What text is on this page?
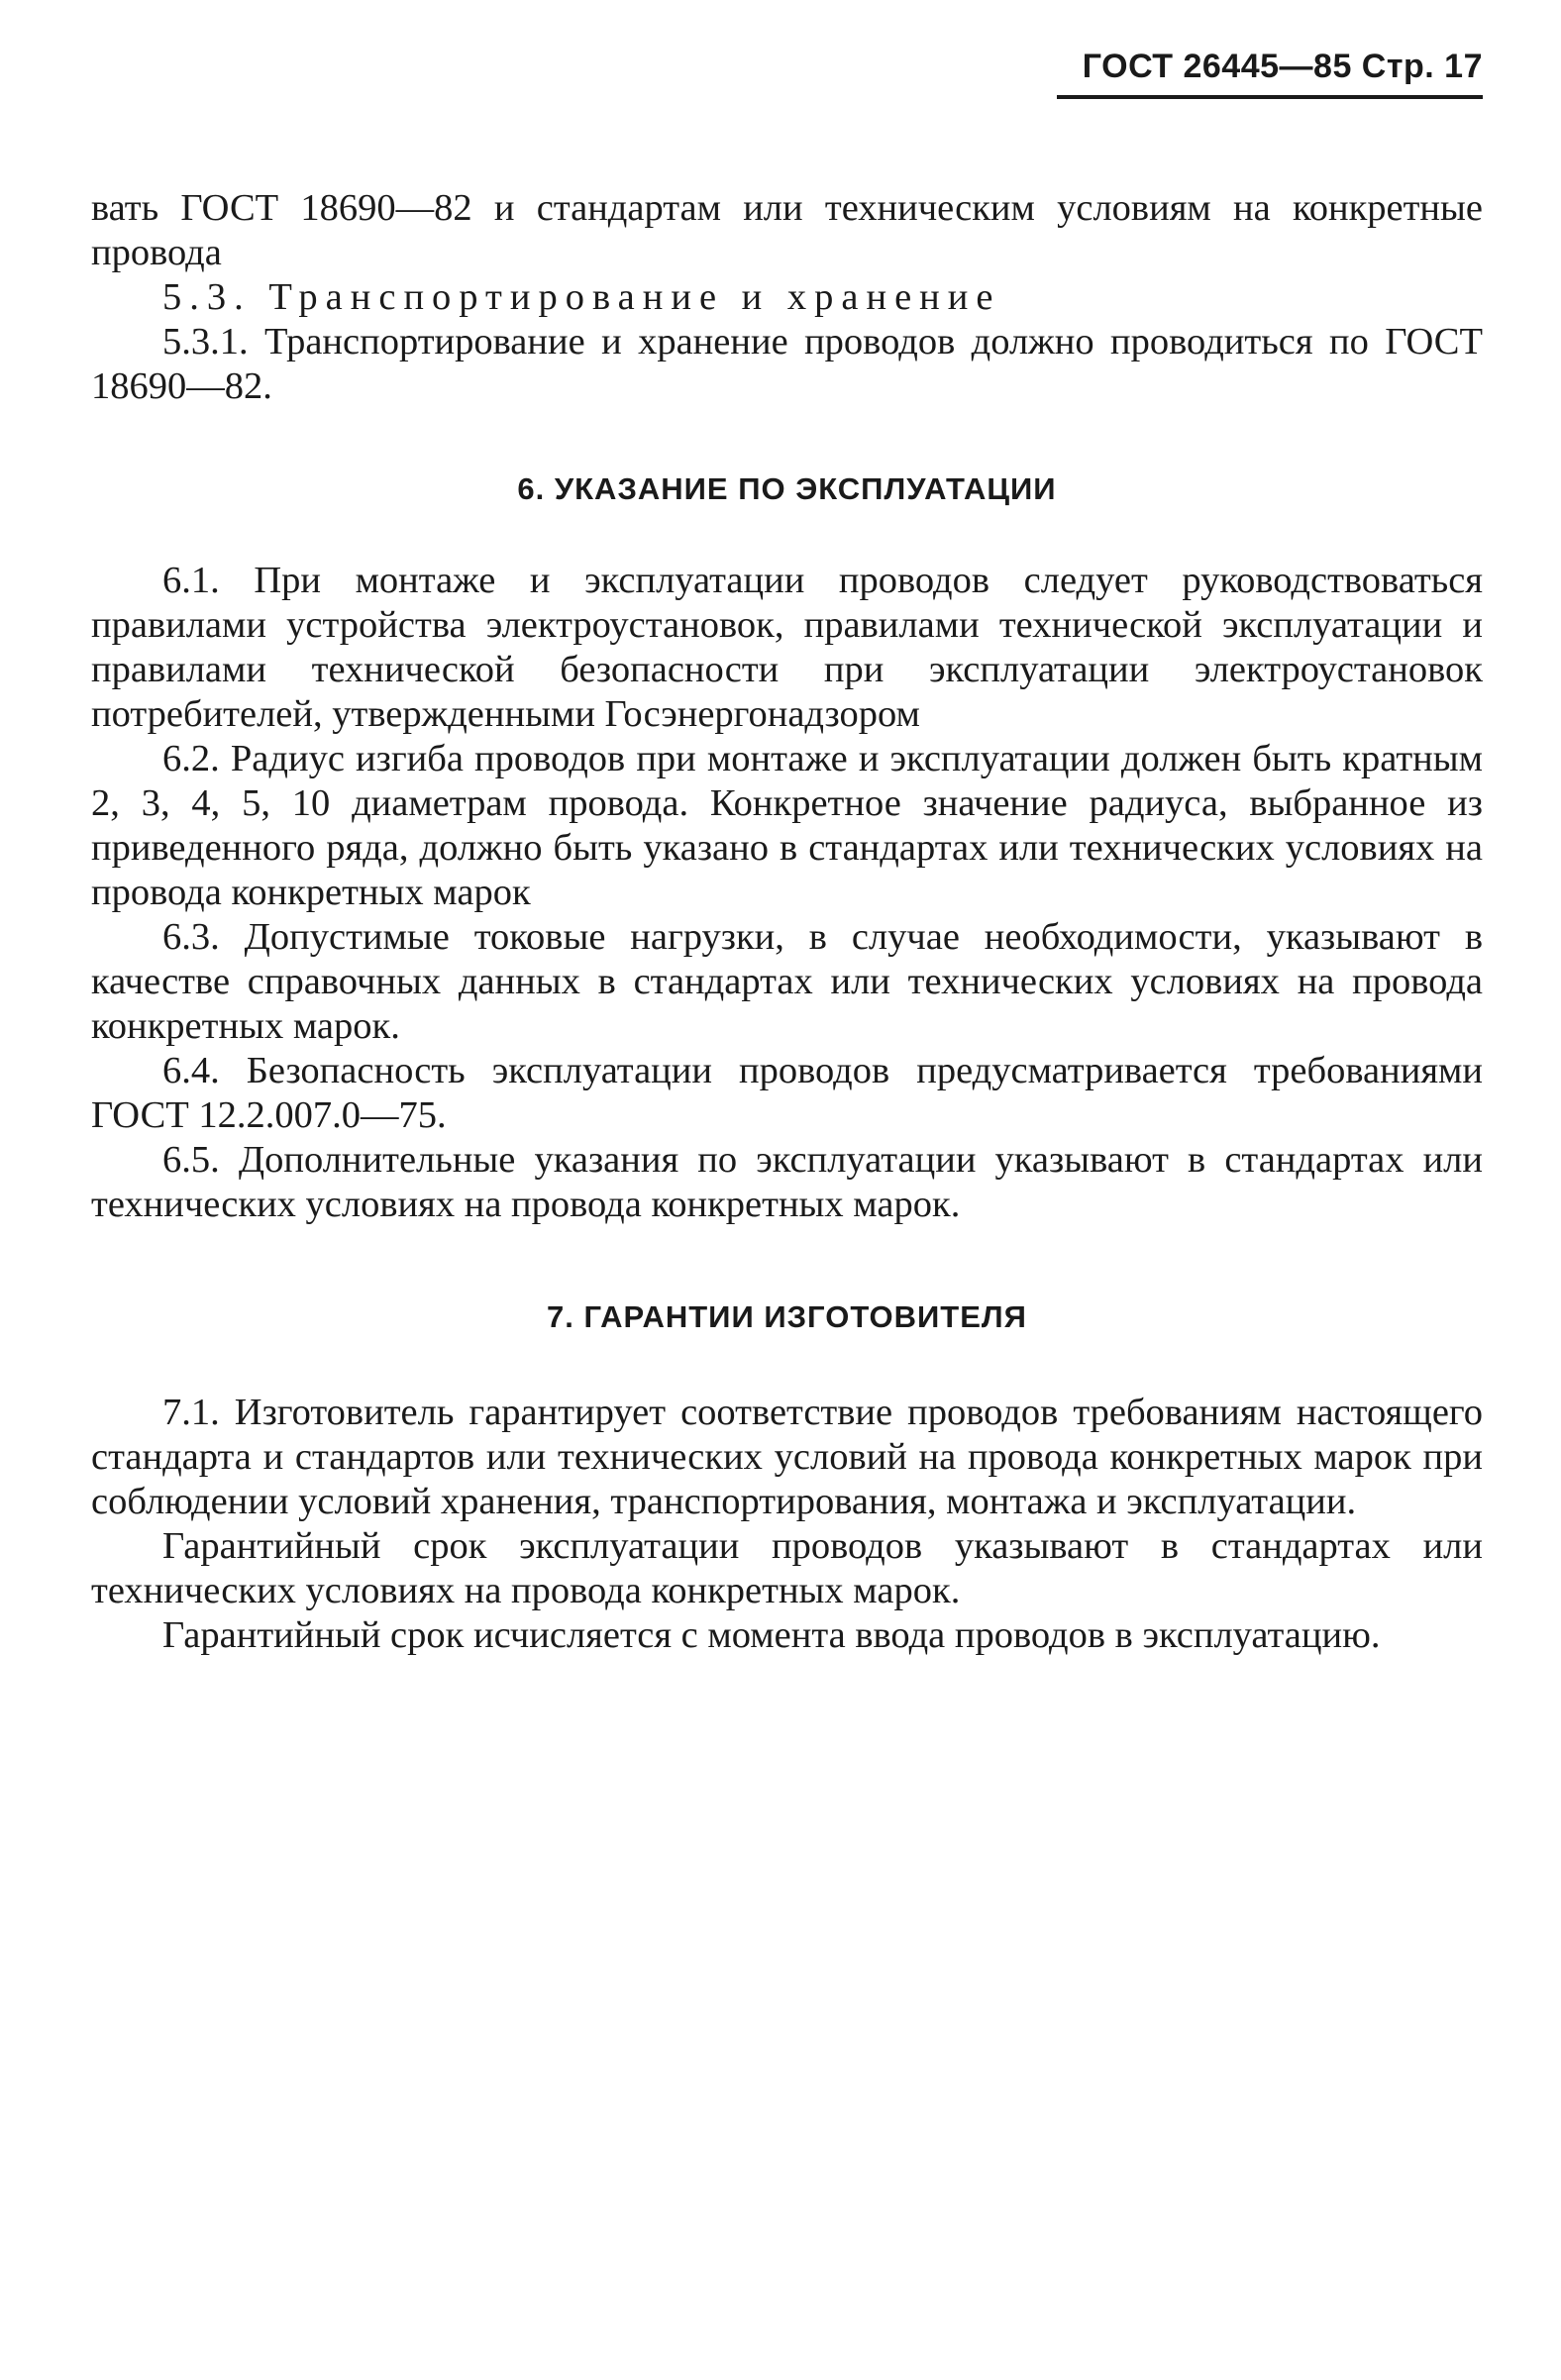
ГОСТ 26445—85 Стр. 17

вать ГОСТ 18690—82 и стандартам или техническим условиям на конкретные провода

5.3. Транспортирование и хранение

5.3.1. Транспортирование и хранение проводов должно проводиться по ГОСТ 18690—82.

6. УКАЗАНИЕ ПО ЭКСПЛУАТАЦИИ

6.1. При монтаже и эксплуатации проводов следует руководствоваться правилами устройства электроустановок, правилами технической эксплуатации и правилами технической безопасности при эксплуатации электроустановок потребителей, утвержденными Госэнергонадзором

6.2. Радиус изгиба проводов при монтаже и эксплуатации должен быть кратным 2, 3, 4, 5, 10 диаметрам провода. Конкретное значение радиуса, выбранное из приведенного ряда, должно быть указано в стандартах или технических условиях на провода конкретных марок

6.3. Допустимые токовые нагрузки, в случае необходимости, указывают в качестве справочных данных в стандартах или технических условиях на провода конкретных марок.

6.4. Безопасность эксплуатации проводов предусматривается требованиями ГОСТ 12.2.007.0—75.

6.5. Дополнительные указания по эксплуатации указывают в стандартах или технических условиях на провода конкретных марок.

7. ГАРАНТИИ ИЗГОТОВИТЕЛЯ

7.1. Изготовитель гарантирует соответствие проводов требованиям настоящего стандарта и стандартов или технических условий на провода конкретных марок при соблюдении условий хранения, транспортирования, монтажа и эксплуатации.

Гарантийный срок эксплуатации проводов указывают в стандартах или технических условиях на провода конкретных марок.

Гарантийный срок исчисляется с момента ввода проводов в эксплуатацию.
